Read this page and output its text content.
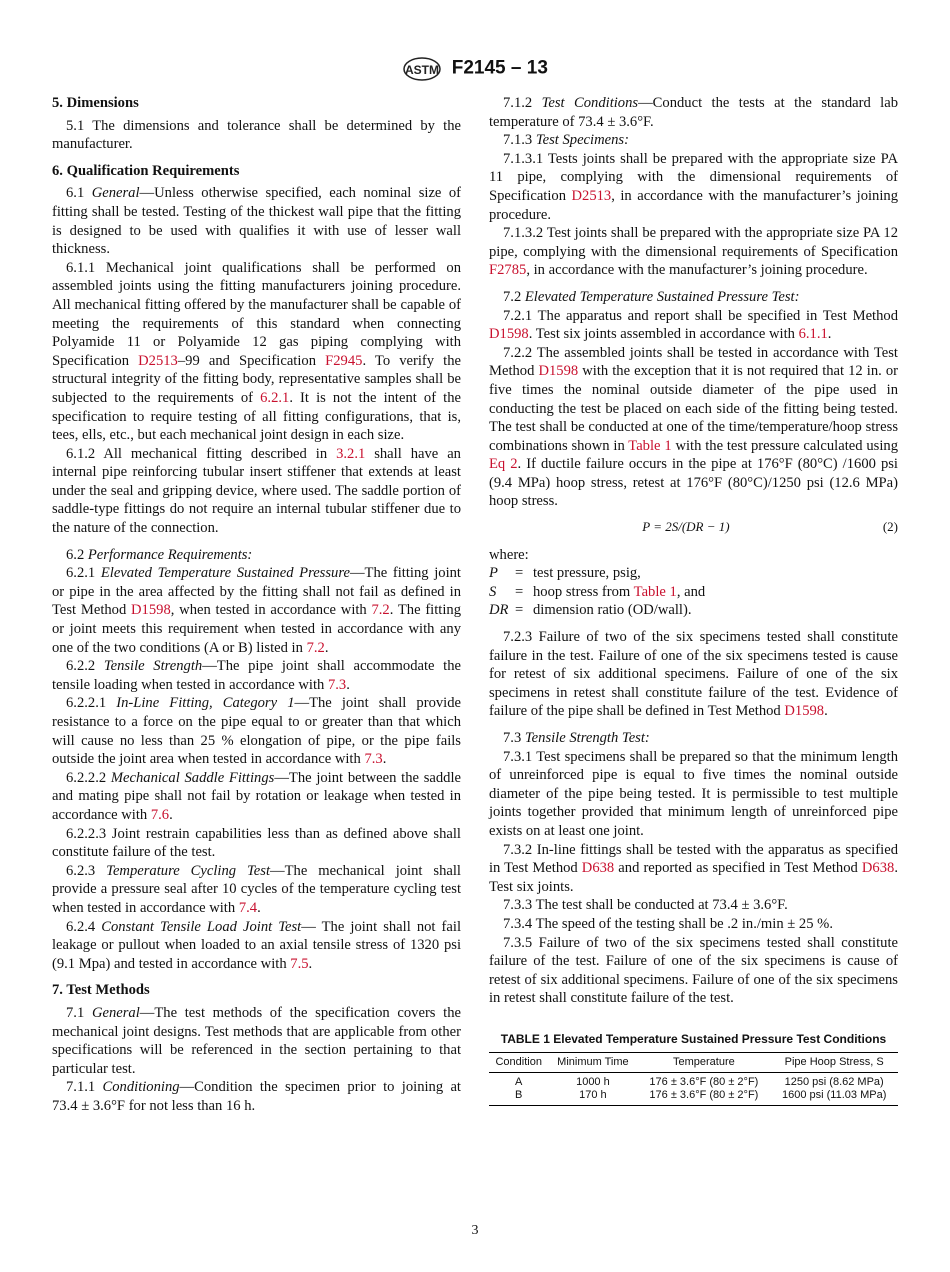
ASTM F2145 – 13
5. Dimensions

5.1 The dimensions and tolerance shall be determined by the manufacturer.

6. Qualification Requirements

6.1 General—Unless otherwise specified, each nominal size of fitting shall be tested. Testing of the thickest wall pipe that the fitting is designed to be used with qualifies it with use of lesser wall thickness.

6.1.1 Mechanical joint qualifications shall be performed on assembled joints using the fitting manufacturers joining procedure. All mechanical fitting offered by the manufacturer shall be capable of meeting the requirements of this standard when connecting Polyamide 11 or Polyamide 12 gas piping complying with Specification D2513–99 and Specification F2945. To verify the structural integrity of the fitting body, representative samples shall be subjected to the requirements of 6.2.1. It is not the intent of the specification to require testing of all fitting configurations, that is, tees, ells, etc., but each mechanical joint design in each size.

6.1.2 All mechanical fitting described in 3.2.1 shall have an internal pipe reinforcing tubular insert stiffener that extends at least under the seal and gripping device, where used. The saddle portion of saddle-type fittings do not require an internal tubular stiffener due to the nature of the connection.

6.2 Performance Requirements:

6.2.1 Elevated Temperature Sustained Pressure—The fitting joint or pipe in the area affected by the fitting shall not fail as defined in Test Method D1598, when tested in accordance with 7.2. The fitting or joint meets this requirement when tested in accordance with any one of the two conditions (A or B) listed in 7.2.

6.2.2 Tensile Strength—The pipe joint shall accommodate the tensile loading when tested in accordance with 7.3.

6.2.2.1 In-Line Fitting, Category 1—The joint shall provide resistance to a force on the pipe equal to or greater than that which will cause no less than 25 % elongation of pipe, or the pipe fails outside the joint area when tested in accordance with 7.3.

6.2.2.2 Mechanical Saddle Fittings—The joint between the saddle and mating pipe shall not fail by rotation or leakage when tested in accordance with 7.6.

6.2.2.3 Joint restrain capabilities less than as defined above shall constitute failure of the test.

6.2.3 Temperature Cycling Test—The mechanical joint shall provide a pressure seal after 10 cycles of the temperature cycling test when tested in accordance with 7.4.

6.2.4 Constant Tensile Load Joint Test— The joint shall not fail leakage or pullout when loaded to an axial tensile stress of 1320 psi (9.1 Mpa) and tested in accordance with 7.5.

7. Test Methods

7.1 General—The test methods of the specification covers the mechanical joint designs. Test methods that are applicable from other specifications will be referenced in the section pertaining to that particular test.

7.1.1 Conditioning—Condition the specimen prior to joining at 73.4 ± 3.6°F for not less than 16 h.

7.1.2 Test Conditions—Conduct the tests at the standard lab temperature of 73.4 ± 3.6°F.

7.1.3 Test Specimens:

7.1.3.1 Tests joints shall be prepared with the appropriate size PA 11 pipe, complying with the dimensional requirements of Specification D2513, in accordance with the manufacturer’s joining procedure.

7.1.3.2 Test joints shall be prepared with the appropriate size PA 12 pipe, complying with the dimensional requirements of Specification F2785, in accordance with the manufacturer’s joining procedure.

7.2 Elevated Temperature Sustained Pressure Test:

7.2.1 The apparatus and report shall be specified in Test Method D1598. Test six joints assembled in accordance with 6.1.1.

7.2.2 The assembled joints shall be tested in accordance with Test Method D1598 with the exception that it is not required that 12 in. or five times the nominal outside diameter of the pipe used in conducting the test be placed on each side of the fitting being tested. The test shall be conducted at one of the time/temperature/hoop stress combinations shown in Table 1 with the test pressure calculated using Eq 2. If ductile failure occurs in the pipe at 176°F (80°C) /1600 psi (9.4 MPa) hoop stress, retest at 176°F (80°C)/1250 psi (12.6 MPa) hoop stress.

P = 2S/(DR − 1)	(2)

where:

P	= test pressure, psig,
S	= hoop stress from Table 1, and
DR = dimension ratio (OD/wall).

7.2.3 Failure of two of the six specimens tested shall constitute failure in the test. Failure of one of the six specimens tested is cause for retest of six additional specimens. Failure of one of the six specimens in retest shall constitute failure of the test. Evidence of failure of the pipe shall be defined in Test Method D1598.

7.3 Tensile Strength Test:

7.3.1 Test specimens shall be prepared so that the minimum length of unreinforced pipe is equal to five times the nominal outside diameter of the pipe being tested. It is permissible to test multiple joints together provided that minimum length of unreinforced pipe exists on at least one joint.

7.3.2 In-line fittings shall be tested with the apparatus as specified in Test Method D638 and reported as specified in Test Method D638. Test six joints.

7.3.3 The test shall be conducted at 73.4 ± 3.6°F.

7.3.4 The speed of the testing shall be .2 in./min ± 25 %.

7.3.5 Failure of two of the six specimens tested shall constitute failure of the test. Failure of one of the six specimens is cause of retest of six additional specimens. Failure of one of the six specimens in retest shall constitute failure of the test.

TABLE 1 Elevated Temperature Sustained Pressure Test Conditions
Condition	Minimum Time	Temperature	Pipe Hoop Stress, S
A	1000 h	176 ± 3.6°F (80 ± 2°F)	1250 psi (8.62 MPa)
B	170 h	176 ± 3.6°F (80 ± 2°F)	1600 psi (11.03 MPa)
3
